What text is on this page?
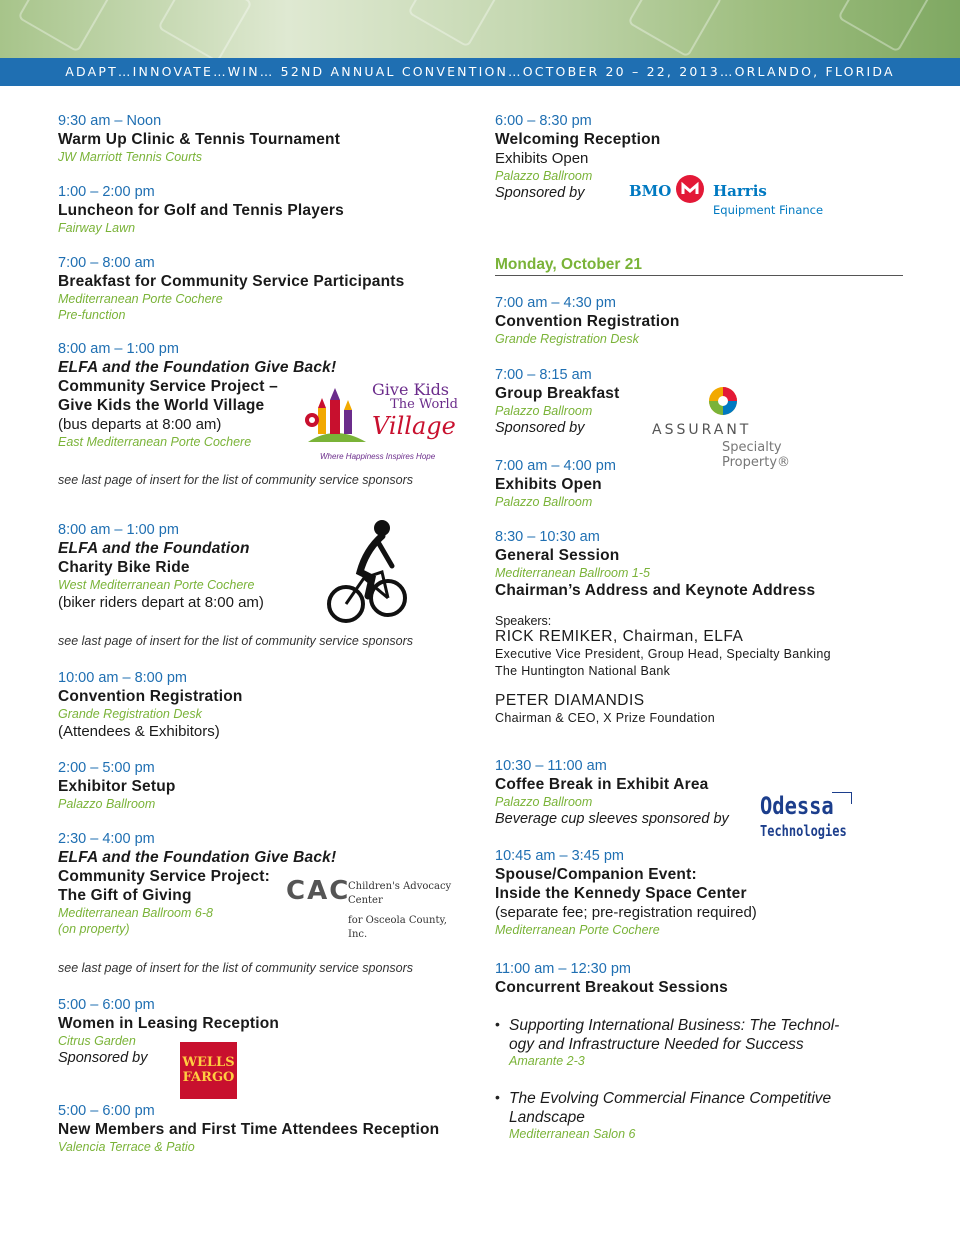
ADAPT…INNOVATE…WIN… 52ND ANNUAL CONVENTION…OCTOBER 20 – 22, 2013…ORLANDO, FLORIDA
9:30 am – Noon
Warm Up Clinic & Tennis Tournament
JW Marriott Tennis Courts
1:00 – 2:00 pm
Luncheon for Golf and Tennis Players
Fairway Lawn
7:00 – 8:00 am
Breakfast for Community Service Participants
Mediterranean Porte Cochere
Pre-function
8:00 am – 1:00 pm
ELFA and the Foundation Give Back!
Community Service Project –
Give Kids the World Village
(bus departs at 8:00 am)
East Mediterranean Porte Cochere
Give Kids
The World
Village
Where Happiness Inspires Hope
see last page of insert for the list of community service sponsors
8:00 am – 1:00 pm
ELFA and the Foundation
Charity Bike Ride
West Mediterranean Porte Cochere
(biker riders depart at 8:00 am)
see last page of insert for the list of community service sponsors
10:00 am – 8:00 pm
Convention Registration
Grande Registration Desk
(Attendees & Exhibitors)
2:00 – 5:00 pm
Exhibitor Setup
Palazzo Ballroom
2:30 – 4:00 pm
ELFA and the Foundation Give Back!
Community Service Project:
The Gift of Giving
Mediterranean Ballroom 6-8
(on property)
CAC
Children's Advocacy Center
for Osceola County, Inc.
see last page of insert for the list of community service sponsors
5:00 – 6:00 pm
Women in Leasing Reception
Citrus Garden
Sponsored by	WELLS
FARGO
5:00 – 6:00 pm
New Members and First Time Attendees Reception
Valencia Terrace & Patio
6:00 – 8:30 pm
Welcoming Reception
Exhibits Open
Palazzo Ballroom
Sponsored by	BMO	Harris
Equipment Finance
Monday, October 21
7:00 am – 4:30 pm
Convention Registration
Grande Registration Desk
7:00 – 8:15 am
Group Breakfast
Palazzo Ballroom
Sponsored by	ASSURANT
Specialty
Property®
7:00 am – 4:00 pm
Exhibits Open
Palazzo Ballroom
8:30 – 10:30 am
General Session
Mediterranean Ballroom 1-5
Chairman’s Address and Keynote Address
Speakers:
RICK REMIKER, Chairman, ELFA
Executive Vice President, Group Head, Specialty Banking
The Huntington National Bank
PETER DIAMANDIS
Chairman & CEO, X Prize Foundation
10:30 – 11:00 am
Coffee Break in Exhibit Area
Palazzo Ballroom
Beverage cup sleeves sponsored by	Odessa
Technologies
10:45 am – 3:45 pm
Spouse/Companion Event:
Inside the Kennedy Space Center
(separate fee; pre-registration required)
Mediterranean Porte Cochere
11:00 am – 12:30 pm
Concurrent Breakout Sessions
• Supporting International Business: The Technol-
ogy and Infrastructure Needed for Success
Amarante 2-3
• The Evolving Commercial Finance Competitive
Landscape
Mediterranean Salon 6
